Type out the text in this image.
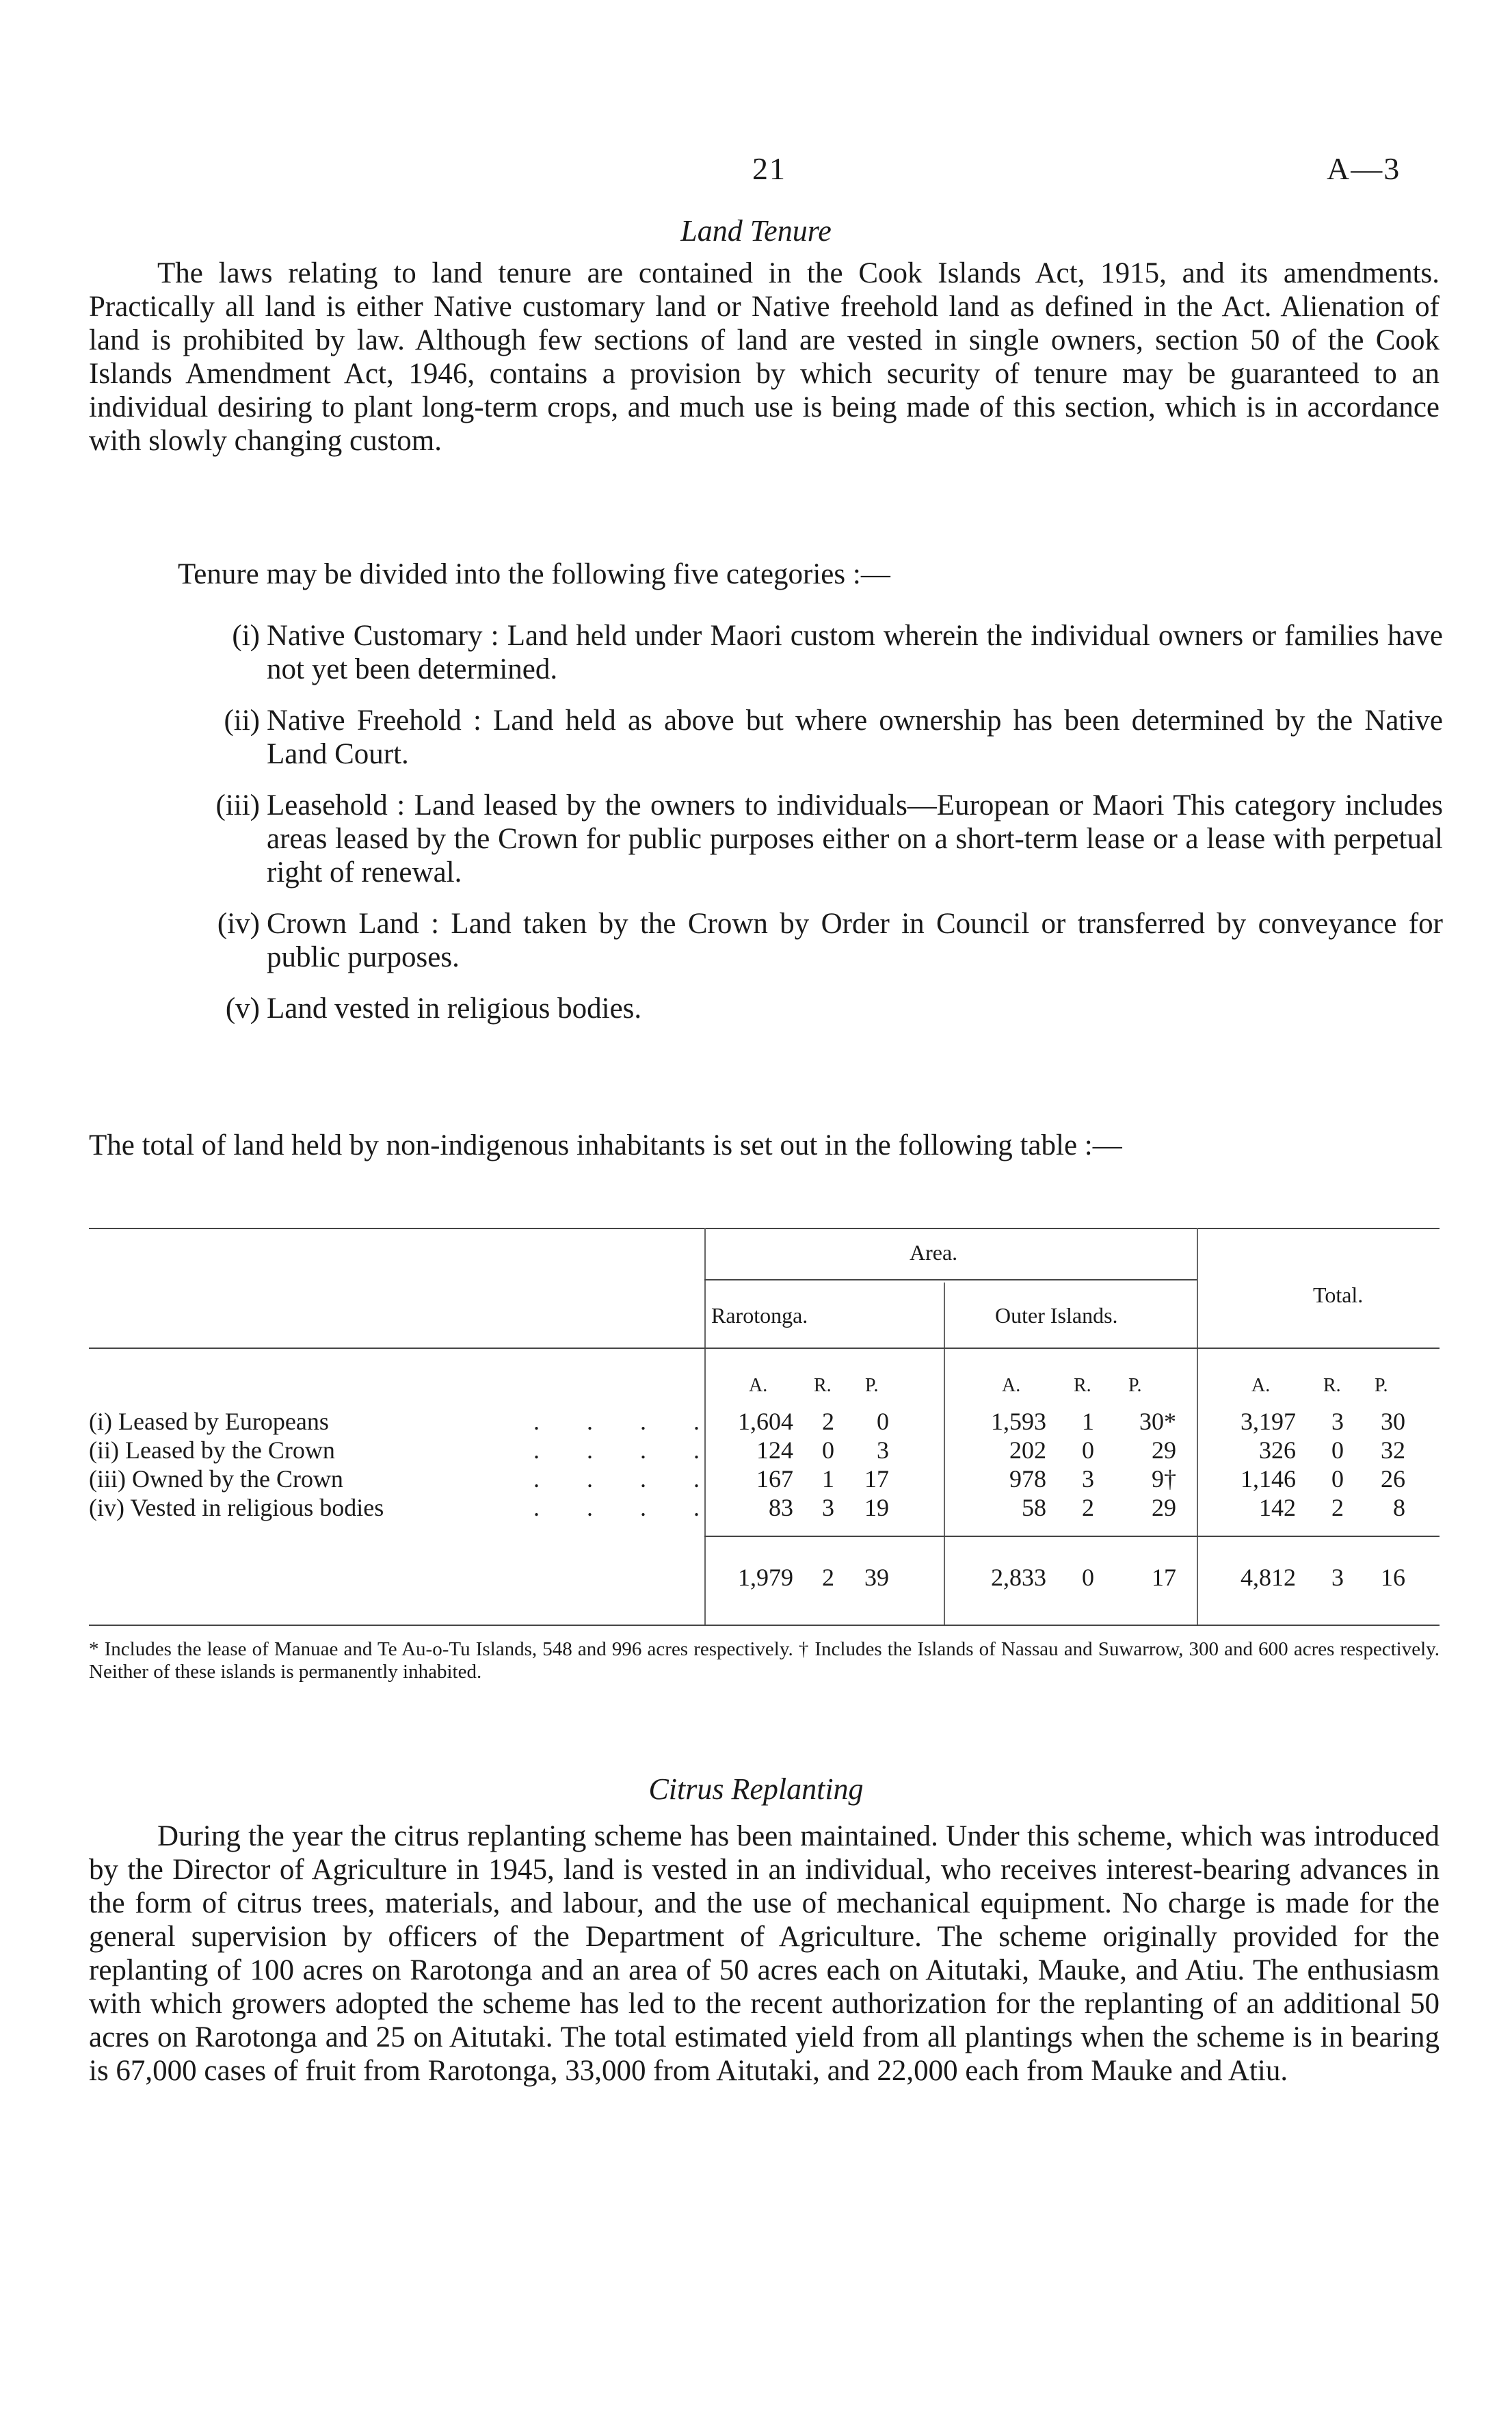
21	A—3
Land Tenure

The laws relating to land tenure are contained in the Cook Islands Act, 1915, and its amendments. Practically all land is either Native customary land or Native freehold land as defined in the Act. Alienation of land is prohibited by law. Although few sections of land are vested in single owners, section 50 of the Cook Islands Amendment Act, 1946, contains a provision by which security of tenure may be guaranteed to an individual desiring to plant long-term crops, and much use is being made of this section, which is in accordance with slowly changing custom.

Tenure may be divided into the following five categories :—

(i) Native Customary : Land held under Maori custom wherein the individual owners or families have not yet been determined.
(ii) Native Freehold : Land held as above but where ownership has been determined by the Native Land Court.
(iii) Leasehold : Land leased by the owners to individuals—European or Maori This category includes areas leased by the Crown for public purposes either on a short-term lease or a lease with perpetual right of renewal.
(iv) Crown Land : Land taken by the Crown by Order in Council or transferred by conveyance for public purposes.
(v) Land vested in religious bodies.

The total of land held by non-indigenous inhabitants is set out in the following table :—

Area.
Rarotonga.	Outer Islands.
Total.
A. R. P.	A.	R. P.	A.	R. P.
(i) Leased by Europeans	. . . . 1,604	2	0	1,593	1	30*	3,197	3	30
(ii) Leased by the Crown	. . . .	124	0	3	202	0	29	326	0	32
(iii) Owned by the Crown	. . . .	167	1	17	978	3	9†	1,146	0	26
(iv) Vested in religious bodies	. . . .	83	3	19	58	2	29	142	2	8
1,979	2	39	2,833	0	17	4,812	3	16

* Includes the lease of Manuae and Te Au-o-Tu Islands, 548 and 996 acres respectively. † Includes the Islands of Nassau and Suwarrow, 300 and 600 acres respectively. Neither of these islands is permanently inhabited.

Citrus Replanting

During the year the citrus replanting scheme has been maintained. Under this scheme, which was introduced by the Director of Agriculture in 1945, land is vested in an individual, who receives interest-bearing advances in the form of citrus trees, materials, and labour, and the use of mechanical equipment. No charge is made for the general supervision by officers of the Department of Agriculture. The scheme originally provided for the replanting of 100 acres on Rarotonga and an area of 50 acres each on Aitutaki, Mauke, and Atiu. The enthusiasm with which growers adopted the scheme has led to the recent authorization for the replanting of an additional 50 acres on Rarotonga and 25 on Aitutaki. The total estimated yield from all plantings when the scheme is in bearing is 67,000 cases of fruit from Rarotonga, 33,000 from Aitutaki, and 22,000 each from Mauke and Atiu.
